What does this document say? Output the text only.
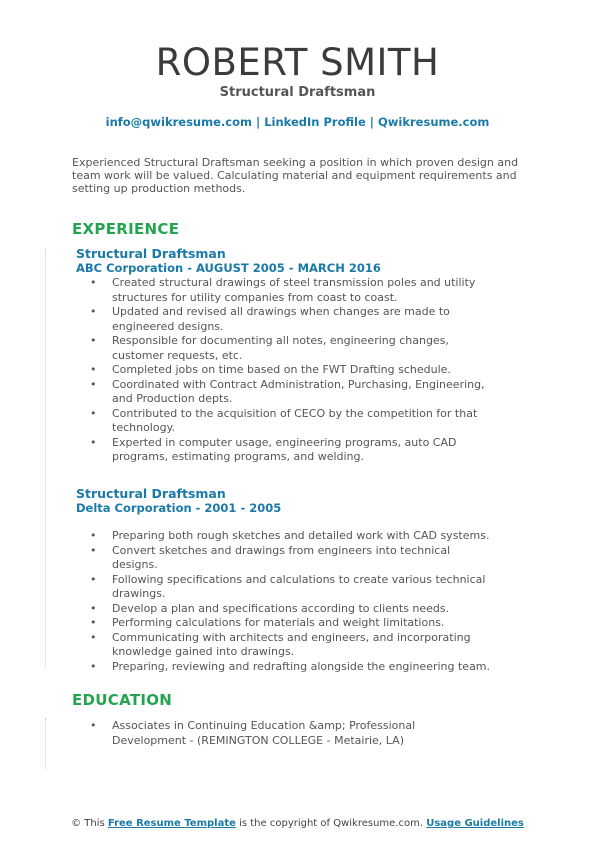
ROBERT SMITH
Structural Draftsman
info@qwikresume.com | LinkedIn Profile | Qwikresume.com
Experienced Structural Draftsman seeking a position in which proven design and team work will be valued. Calculating material and equipment requirements and setting up production methods.
EXPERIENCE
Structural Draftsman
ABC Corporation - AUGUST 2005 - MARCH 2016
• Created structural drawings of steel transmission poles and utility structures for utility companies from coast to coast.
• Updated and revised all drawings when changes are made to engineered designs.
• Responsible for documenting all notes, engineering changes, customer requests, etc.
• Completed jobs on time based on the FWT Drafting schedule.
• Coordinated with Contract Administration, Purchasing, Engineering, and Production depts.
• Contributed to the acquisition of CECO by the competition for that technology.
• Experted in computer usage, engineering programs, auto CAD programs, estimating programs, and welding.
Structural Draftsman
Delta Corporation - 2001 - 2005
• Preparing both rough sketches and detailed work with CAD systems.
• Convert sketches and drawings from engineers into technical designs.
• Following specifications and calculations to create various technical drawings.
• Develop a plan and specifications according to clients needs.
• Performing calculations for materials and weight limitations.
• Communicating with architects and engineers, and incorporating knowledge gained into drawings.
• Preparing, reviewing and redrafting alongside the engineering team.
EDUCATION
• Associates in Continuing Education &amp; Professional Development - (REMINGTON COLLEGE - Metairie, LA)
© This Free Resume Template is the copyright of Qwikresume.com. Usage Guidelines
